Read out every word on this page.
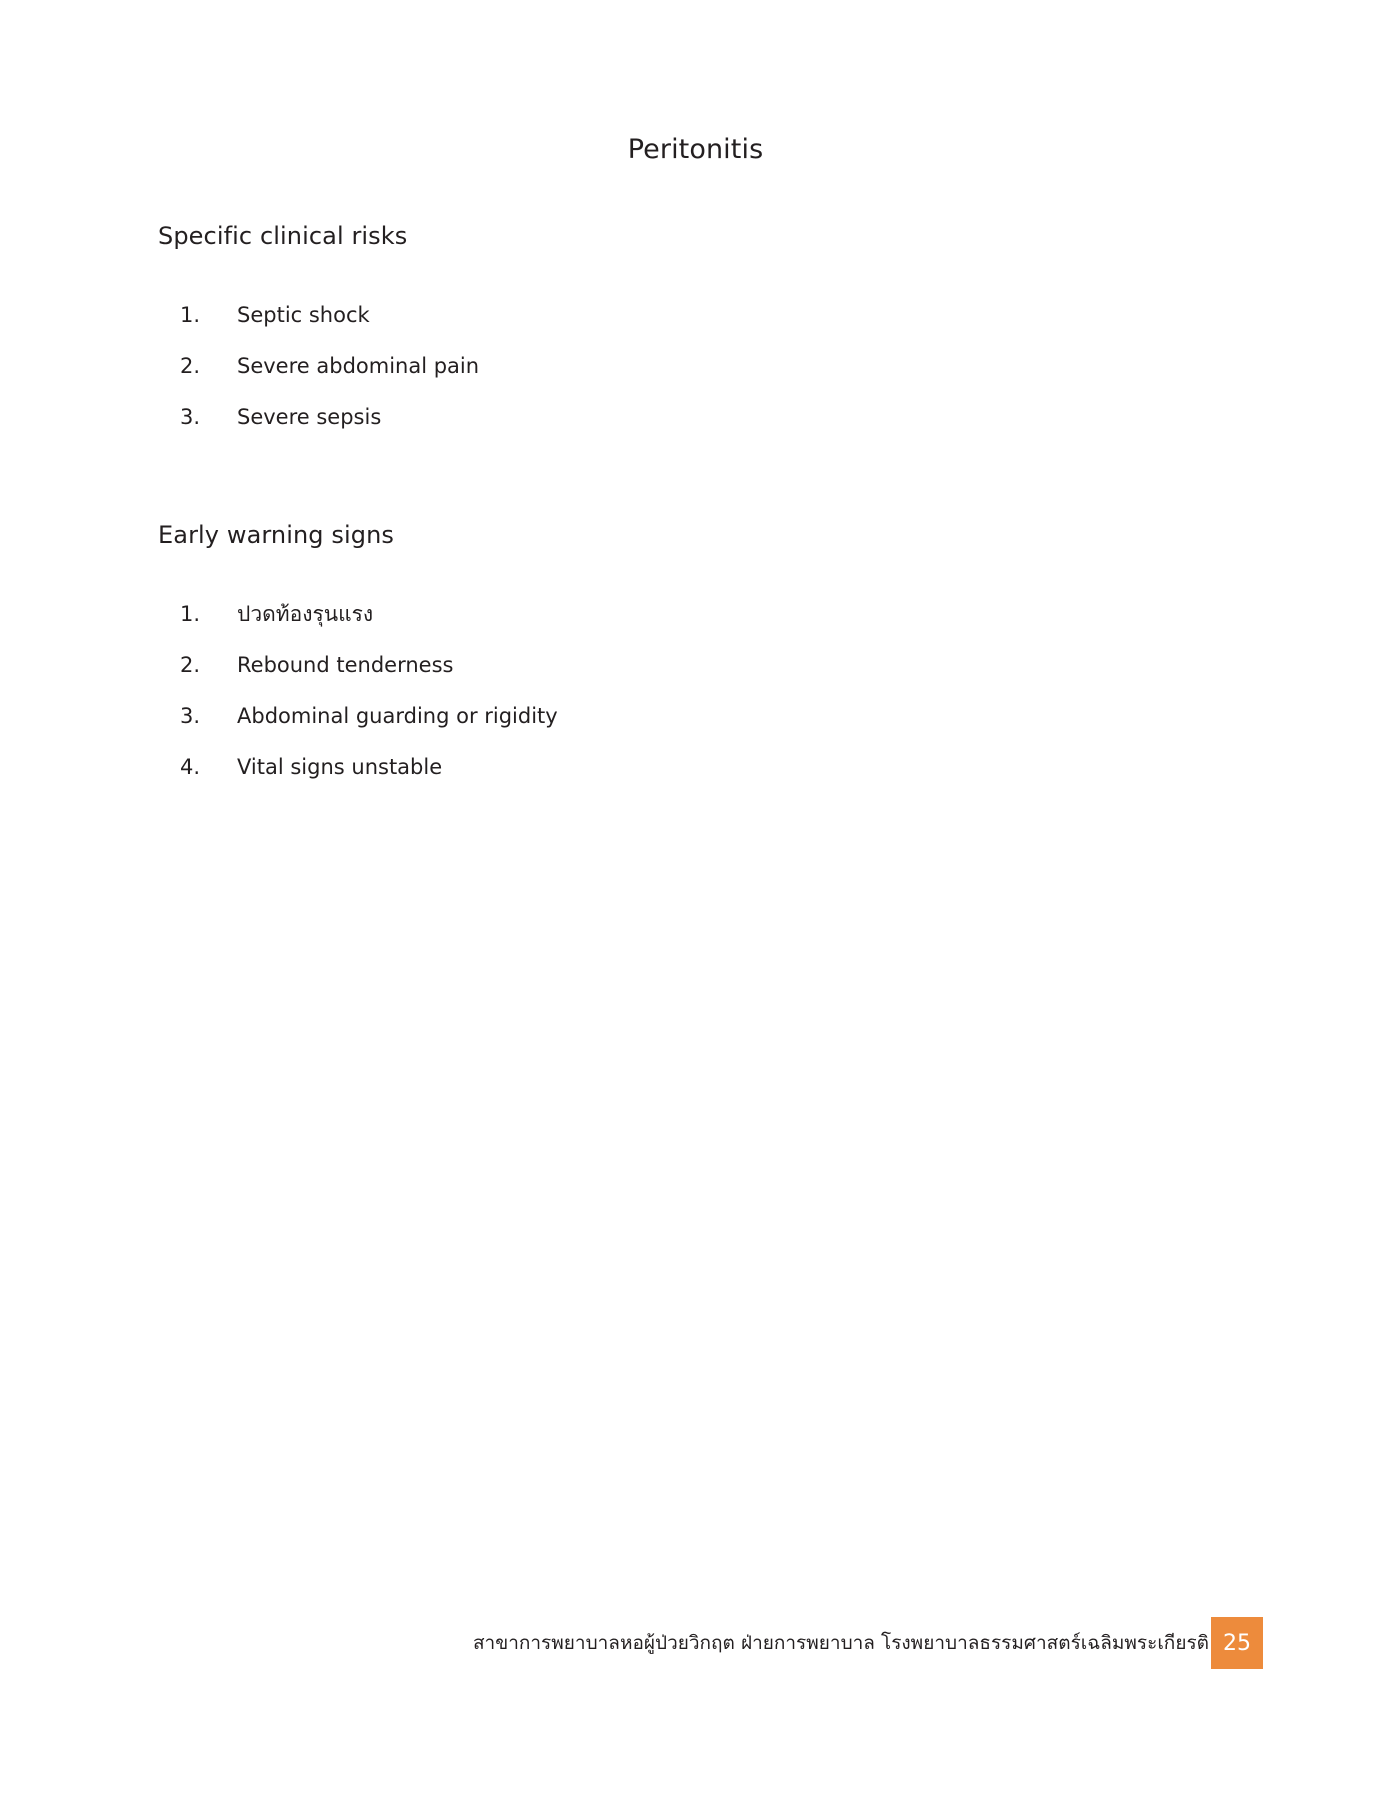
Peritonitis
Specific clinical risks
1.	Septic shock
2.	Severe abdominal pain
3.	Severe sepsis
Early warning signs
1.	ปวดท้องรุนแรง
2.	Rebound tenderness
3.	Abdominal guarding or rigidity
4.	Vital signs unstable
สาขาการพยาบาลหอผู้ป่วยวิกฤต ฝ่ายการพยาบาล โรงพยาบาลธรรมศาสตร์เฉลิมพระเกียรติ 25
